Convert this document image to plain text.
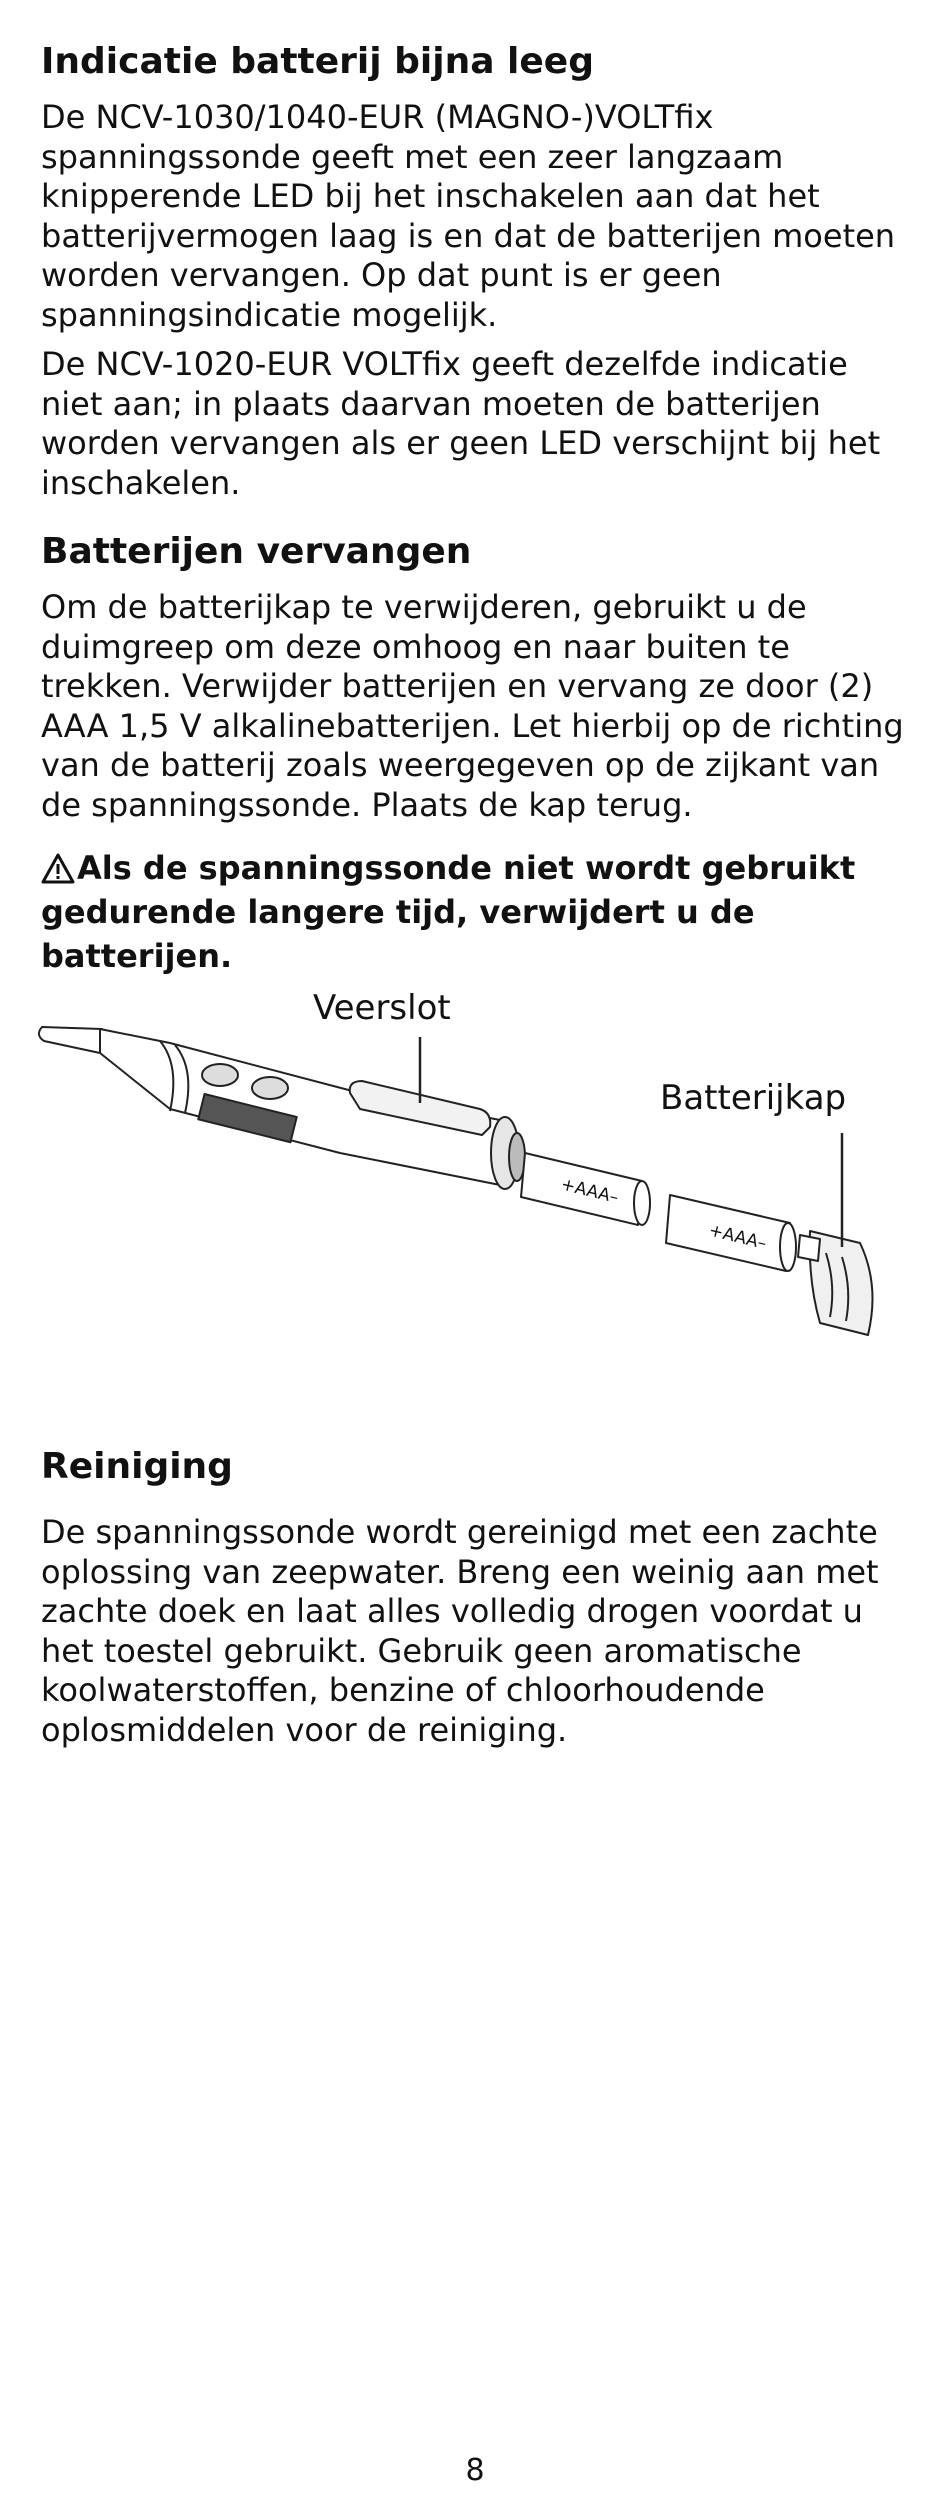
Indicatie batterij bijna leeg

De NCV-1030/1040-EUR (MAGNO-)VOLTfix spanningssonde geeft met een zeer langzaam knipperende LED bij het inschakelen aan dat het batterijvermogen laag is en dat de batterijen moeten worden vervangen. Op dat punt is er geen spanningsindicatie mogelijk.

De NCV-1020-EUR VOLTfix geeft dezelfde indicatie niet aan; in plaats daarvan moeten de batterijen worden vervangen als er geen LED verschijnt bij het inschakelen.

Batterijen vervangen

Om de batterijkap te verwijderen, gebruikt u de duimgreep om deze omhoog en naar buiten te trekken. Verwijder batterijen en vervang ze door (2) AAA 1,5 V alkalinebatterijen. Let hierbij op de richting van de batterij zoals weergegeven op de zijkant van de spanningssonde. Plaats de kap terug.

Als de spanningssonde niet wordt gebruikt gedurende langere tijd, verwijdert u de batterijen.
Veerslot
Batterijkap
+AAA–
+AAA–
Reiniging

De spanningssonde wordt gereinigd met een zachte oplossing van zeepwater. Breng een weinig aan met zachte doek en laat alles volledig drogen voordat u het toestel gebruikt. Gebruik geen aromatische koolwaterstoffen, benzine of chloorhoudende oplosmiddelen voor de reiniging.

8
